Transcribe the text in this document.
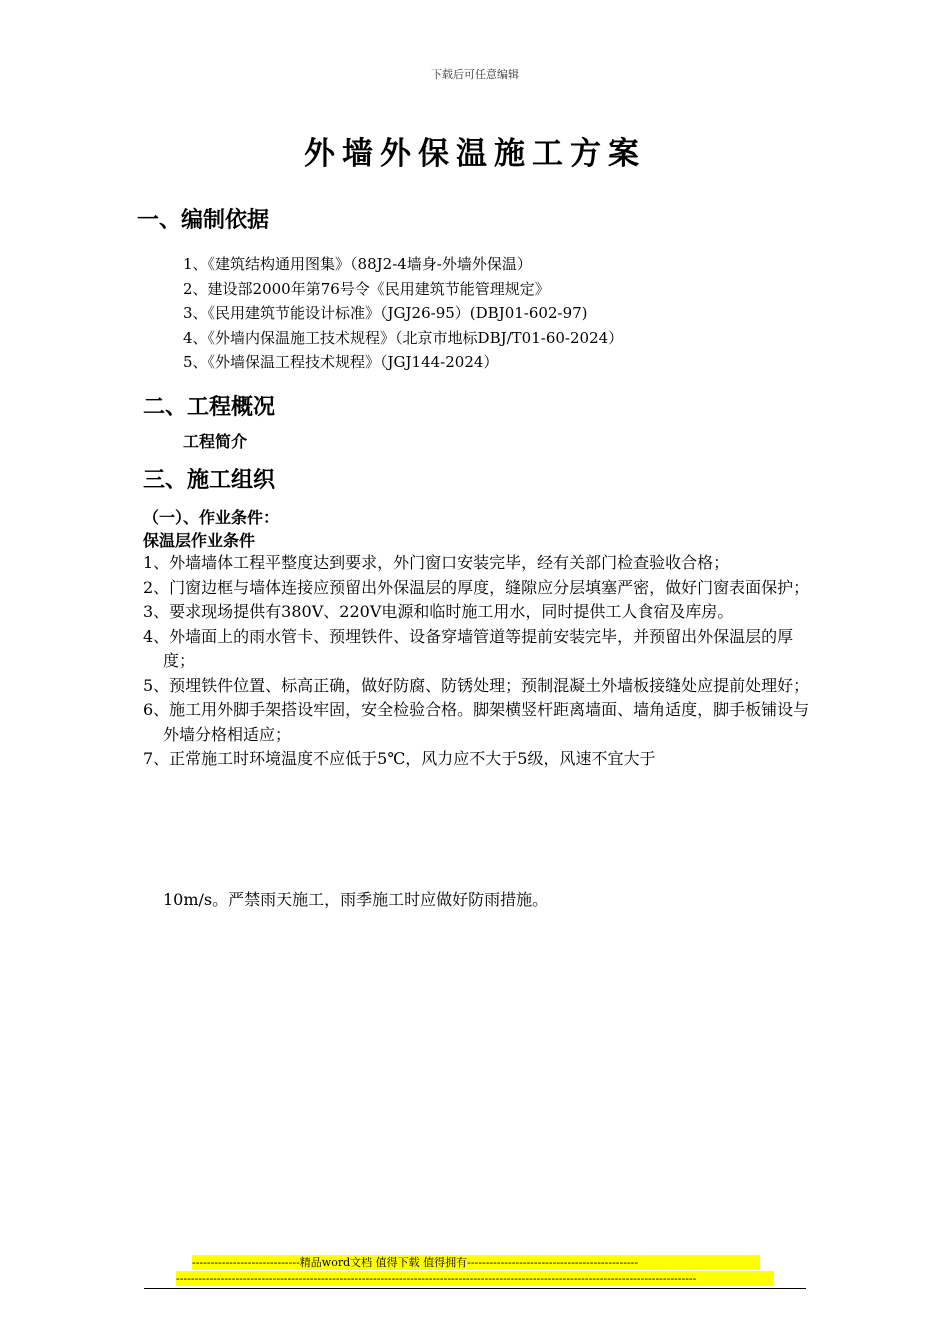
下载后可任意编辑
外墙外保温施工方案
一、编制依据
1、《建筑结构通用图集》（88J2-4墙身-外墙外保温）
2、建设部2000年第76号令《民用建筑节能管理规定》
3、《民用建筑节能设计标准》（JGJ26-95）(DBJ01-602-97)
4、《外墙内保温施工技术规程》（北京市地标DBJ/T01-60-2024）
5、《外墙保温工程技术规程》（JGJ144-2024）
二、工程概况
工程简介
三、施工组织
（一）、作业条件：
保温层作业条件
1、外墙墙体工程平整度达到要求，外门窗口安装完毕，经有关部门检查验收合格；
2、门窗边框与墙体连接应预留出外保温层的厚度，缝隙应分层填塞严密，做好门窗表面保护；
3、要求现场提供有380V、220V电源和临时施工用水，同时提供工人食宿及库房。
4、外墙面上的雨水管卡、预埋铁件、设备穿墙管道等提前安装完毕，并预留出外保温层的厚度；
5、预埋铁件位置、标高正确，做好防腐、防锈处理；预制混凝土外墙板接缝处应提前处理好；
6、施工用外脚手架搭设牢固，安全检验合格。脚架横竖杆距离墙面、墙角适度，脚手板铺设与外墙分格相适应；
7、正常施工时环境温度不应低于5℃，风力应不大于5级，风速不宜大于
10m/s。严禁雨天施工，雨季施工时应做好防雨措施。
-----------------------------精品word文档 值得下载 值得拥有----------------------------------------------
--------------------------------------------------------------------------------------------------------------------------------------------
